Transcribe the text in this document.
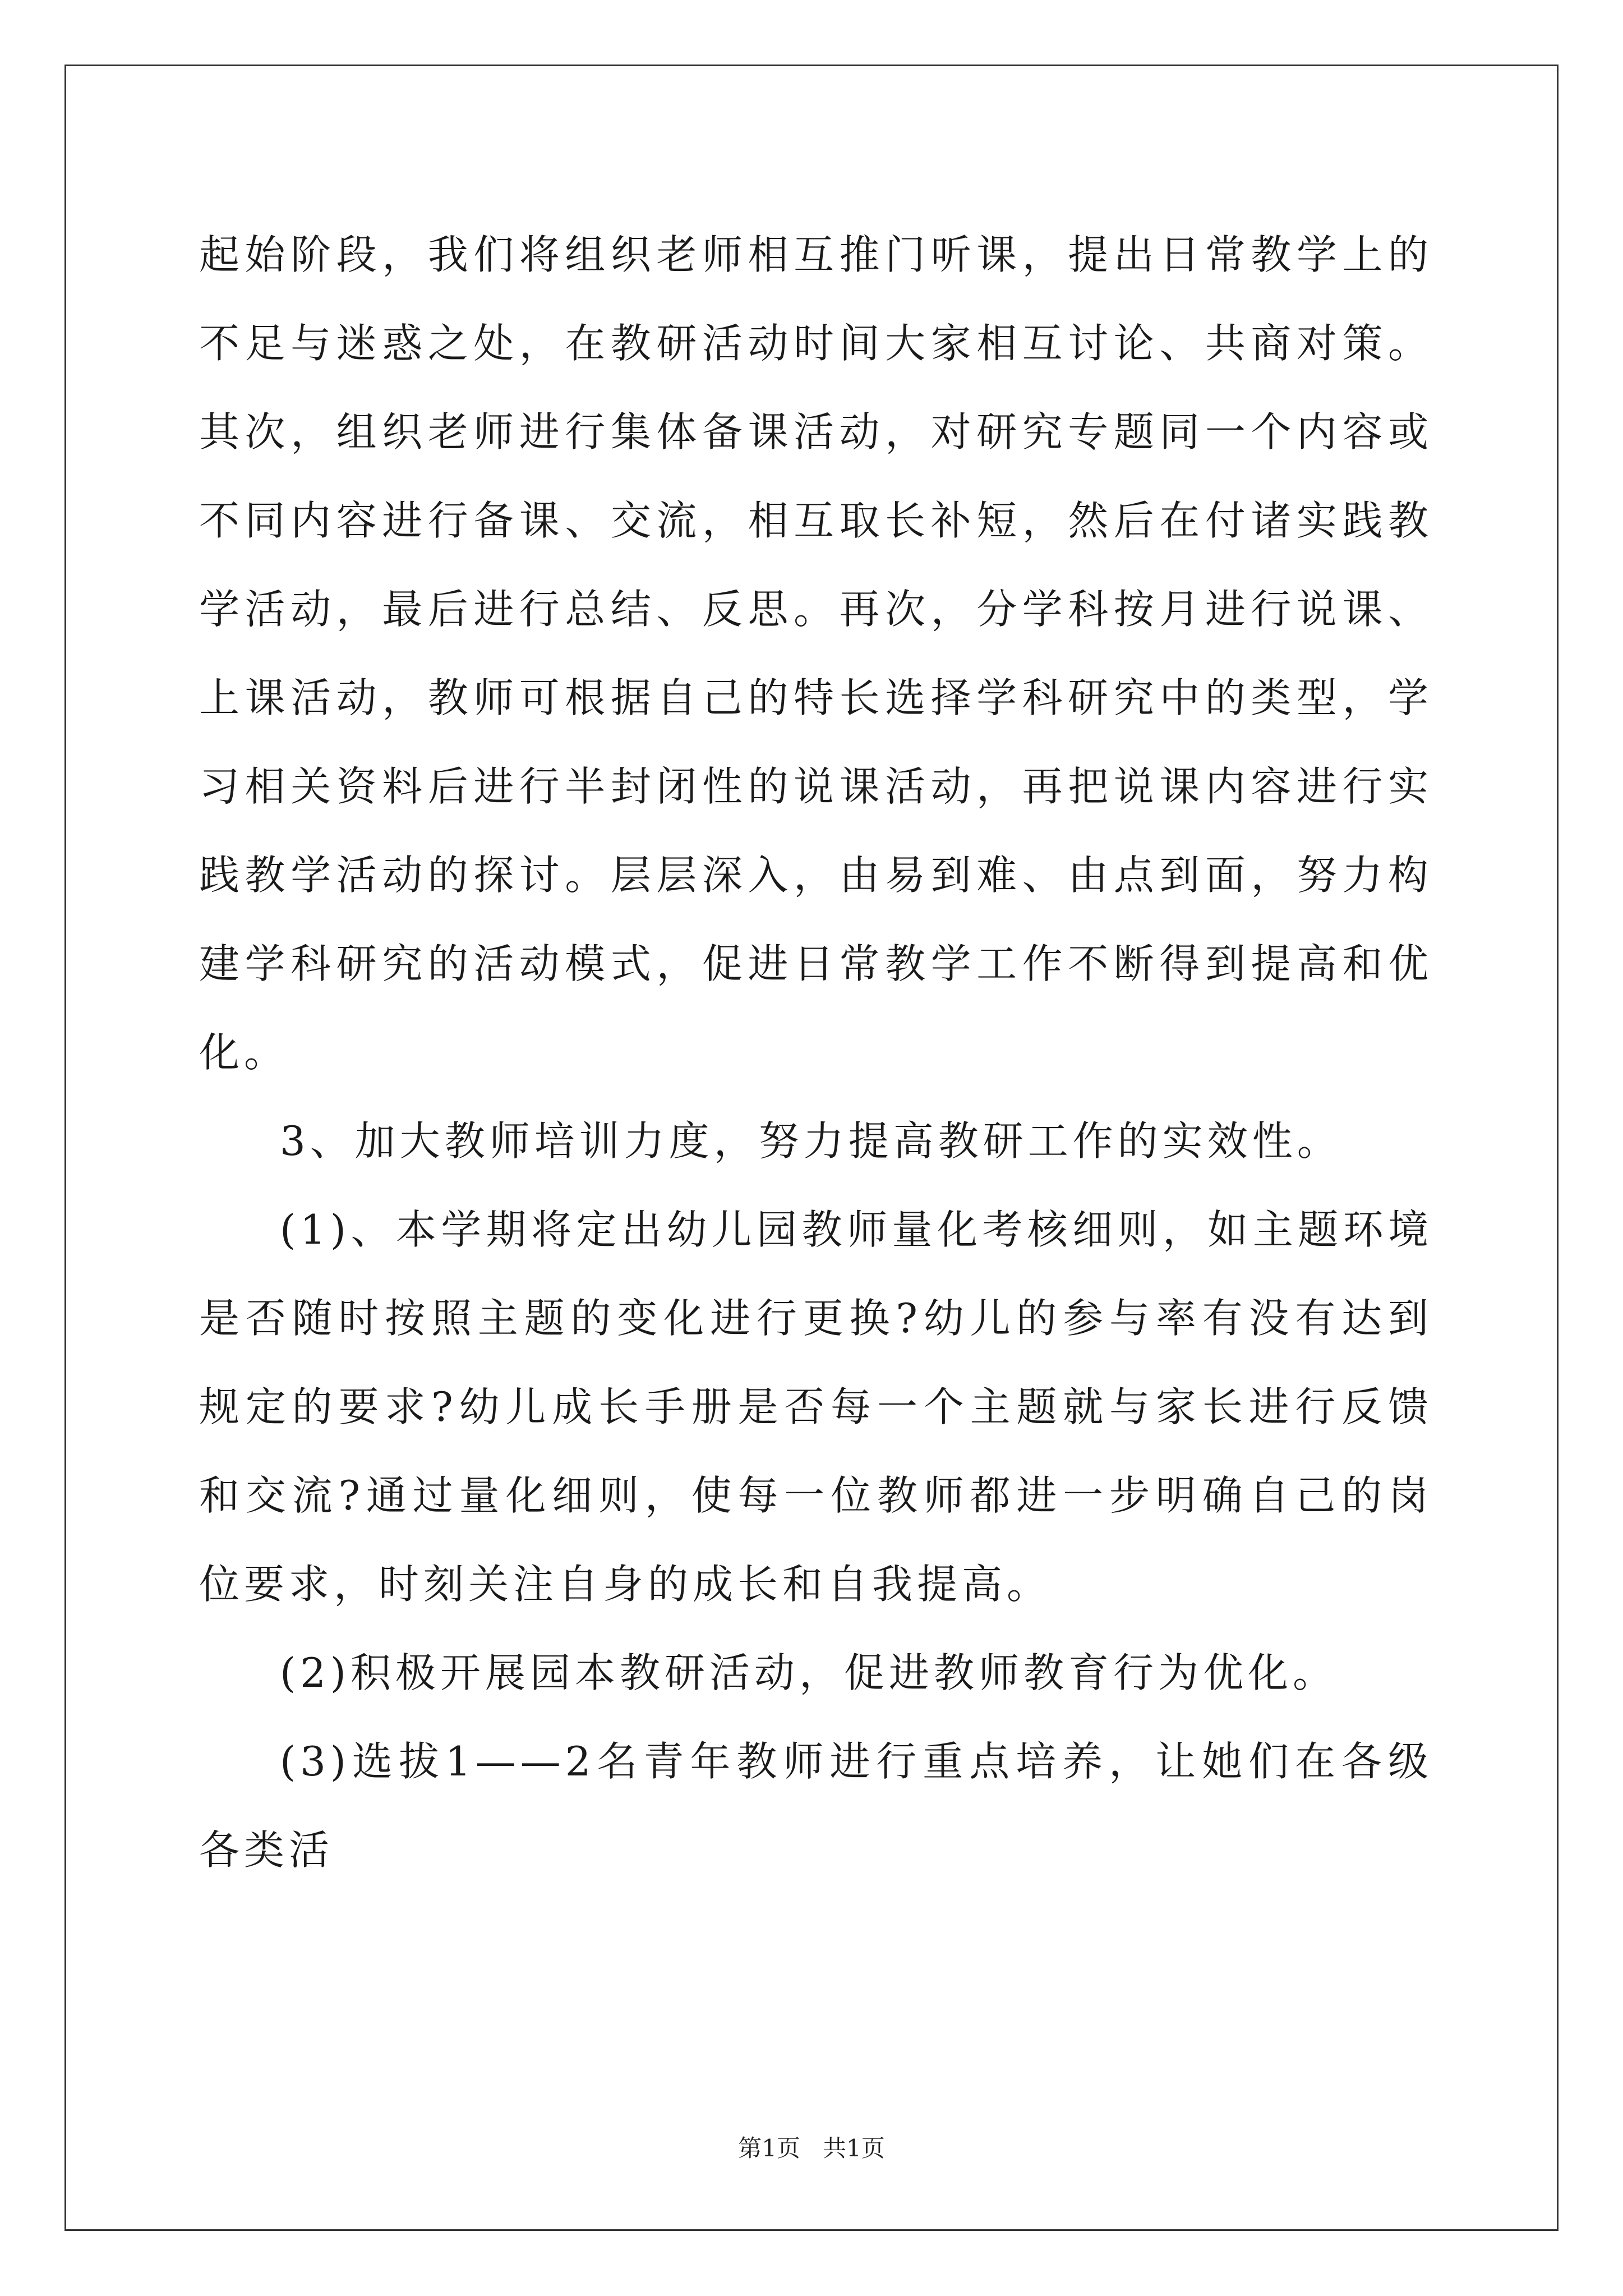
起始阶段，我们将组织老师相互推门听课，提出日常教学上的不足与迷惑之处，在教研活动时间大家相互讨论、共商对策。其次，组织老师进行集体备课活动，对研究专题同一个内容或不同内容进行备课、交流，相互取长补短，然后在付诸实践教学活动，最后进行总结、反思。再次，分学科按月进行说课、上课活动，教师可根据自己的特长选择学科研究中的类型，学习相关资料后进行半封闭性的说课活动，再把说课内容进行实践教学活动的探讨。层层深入，由易到难、由点到面，努力构建学科研究的活动模式，促进日常教学工作不断得到提高和优化。

3、加大教师培训力度，努力提高教研工作的实效性。

(1)、本学期将定出幼儿园教师量化考核细则，如主题环境是否随时按照主题的变化进行更换?幼儿的参与率有没有达到规定的要求?幼儿成长手册是否每一个主题就与家长进行反馈和交流?通过量化细则，使每一位教师都进一步明确自己的岗位要求，时刻关注自身的成长和自我提高。

(2)积极开展园本教研活动，促进教师教育行为优化。

(3)选拔1——2名青年教师进行重点培养，让她们在各级各类活

第1页 共1页
